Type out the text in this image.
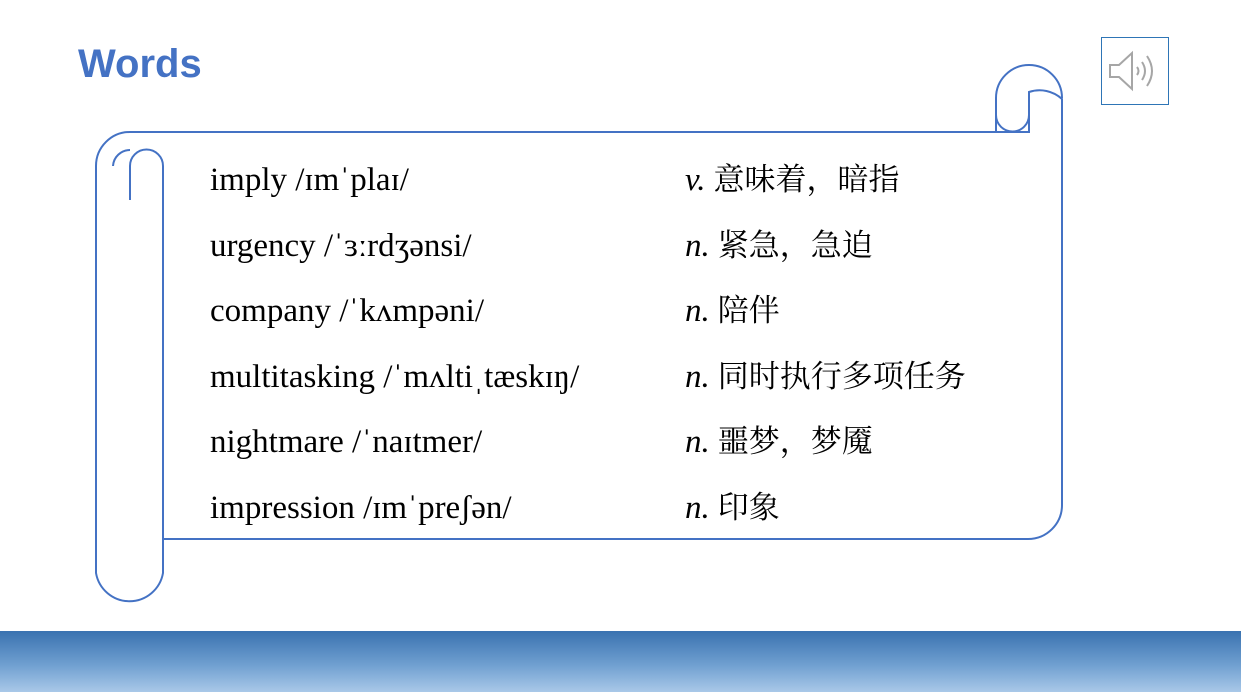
Words
imply /ɪmˈplaɪ/	v. 意味着，暗指
urgency /ˈɜːrdʒənsi/	n. 紧急，急迫
company /ˈkʌmpəni/	n. 陪伴
multitasking /ˈmʌltiˌtæskɪŋ/	n. 同时执行多项任务
nightmare /ˈnaɪtmer/	n. 噩梦，梦魇
impression /ɪmˈpreʃən/	n. 印象
